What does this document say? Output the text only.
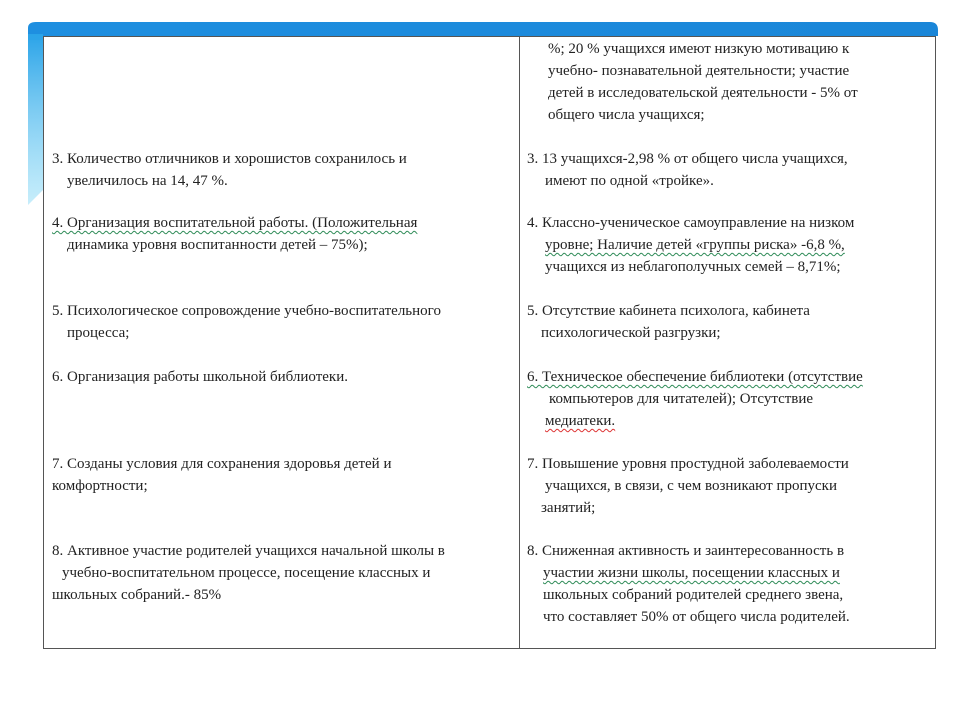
3. Количество отличников и хорошистов сохранилось и

увеличилось на 14, 47 %.

4. Организация воспитательной работы. (Положительная

динамика уровня воспитанности детей – 75%);

5. Психологическое сопровождение учебно-воспитательного

процесса;

6. Организация работы школьной библиотеки.

7. Созданы условия для сохранения здоровья детей и

комфортности;

8. Активное участие родителей учащихся начальной школы в

учебно-воспитательном процессе, посещение классных и

школьных собраний.- 85%

%; 20 % учащихся имеют низкую мотивацию к

учебно- познавательной деятельности; участие

детей в исследовательской деятельности - 5% от

общего числа учащихся;

3. 13 учащихся-2,98 % от общего числа учащихся,

имеют по одной «тройке».

4. Классно-ученическое самоуправление на низком

уровне; Наличие детей «группы риска» -6,8 %,

учащихся из неблагополучных семей – 8,71%;

5. Отсутствие кабинета психолога, кабинета

психологической разгрузки;

6. Техническое обеспечение библиотеки (отсутствие

компьютеров для читателей); Отсутствие

медиатеки.

7. Повышение уровня простудной заболеваемости

учащихся, в связи, с чем возникают пропуски

занятий;

8. Сниженная активность и заинтересованность в

участии жизни школы, посещении классных и

школьных собраний родителей среднего звена,

что составляет 50% от общего числа родителей.
